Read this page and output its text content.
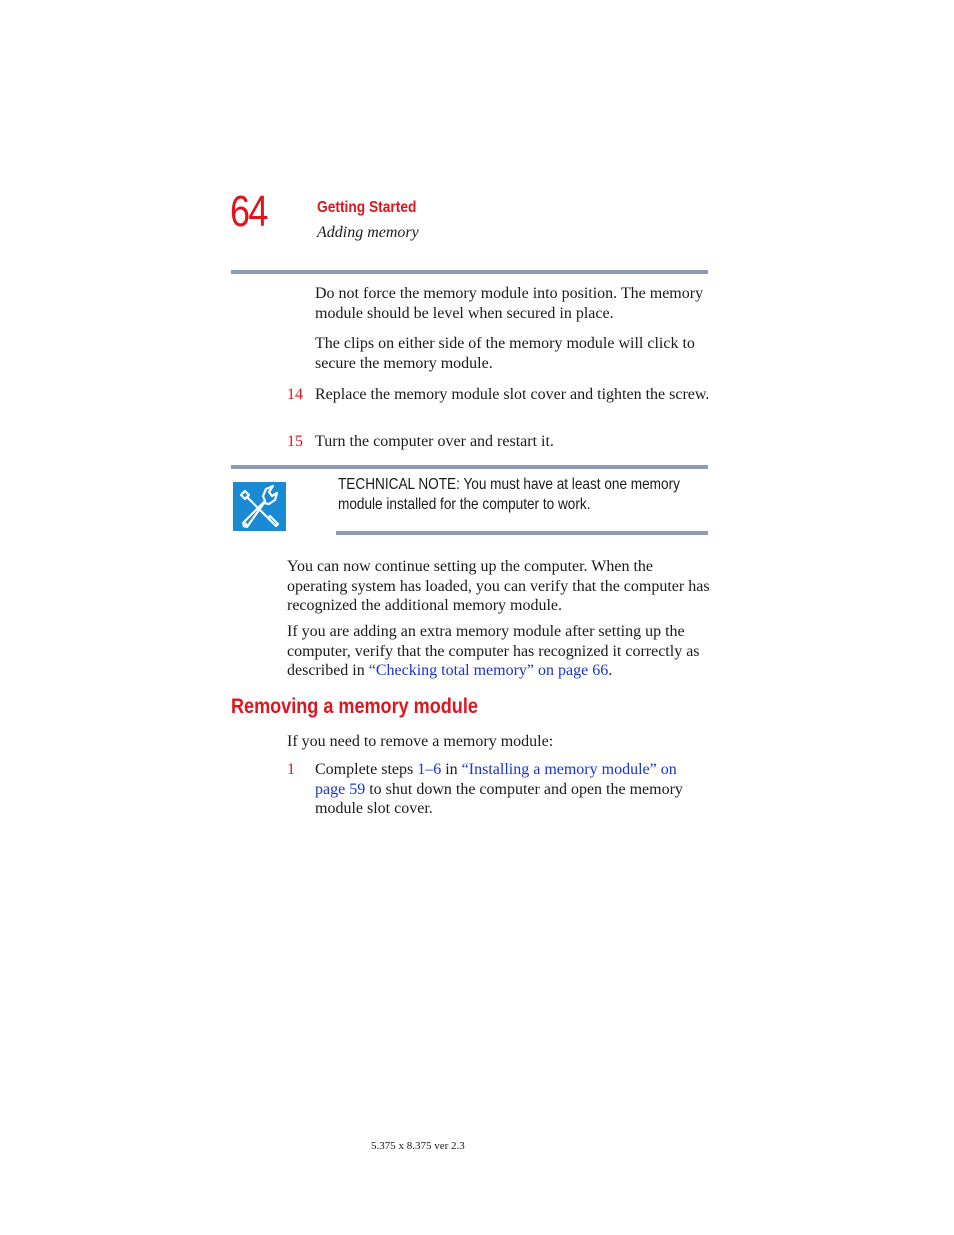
64	Getting Started
Adding memory
Do not force the memory module into position. The memory module should be level when secured in place.
The clips on either side of the memory module will click to secure the memory module.
14 Replace the memory module slot cover and tighten the screw.
15 Turn the computer over and restart it.
TECHNICAL NOTE: You must have at least one memory module installed for the computer to work.
You can now continue setting up the computer. When the operating system has loaded, you can verify that the computer has recognized the additional memory module.
If you are adding an extra memory module after setting up the computer, verify that the computer has recognized it correctly as described in “Checking total memory” on page 66.
Removing a memory module
If you need to remove a memory module:
1 Complete steps 1–6 in “Installing a memory module” on page 59 to shut down the computer and open the memory module slot cover.
5.375 x 8.375 ver 2.3
